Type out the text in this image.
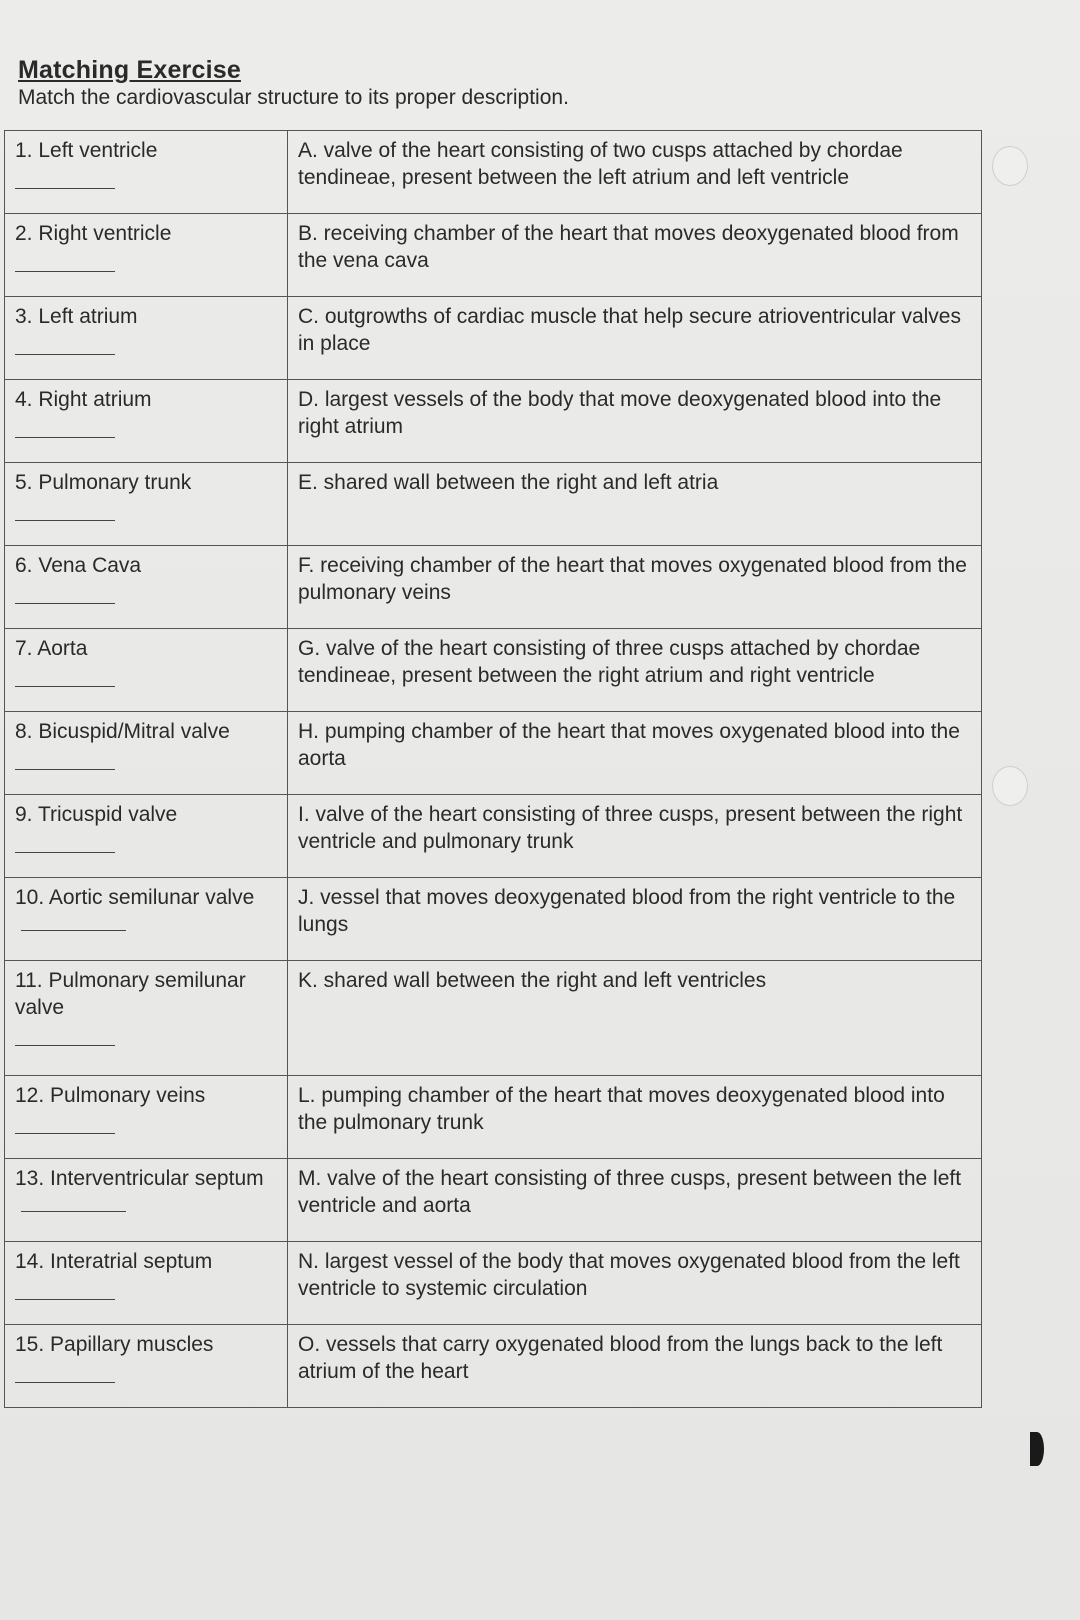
Matching Exercise
Match the cardiovascular structure to its proper description.
1. Left ventricle	A. valve of the heart consisting of two cusps attached by chordae tendineae, present between the left atrium and left ventricle
2. Right ventricle	B. receiving chamber of the heart that moves deoxygenated blood from the vena cava
3. Left atrium	C. outgrowths of cardiac muscle that help secure atrioventricular valves in place
4. Right atrium	D. largest vessels of the body that move deoxygenated blood into the right atrium
5. Pulmonary trunk	E. shared wall between the right and left atria
6. Vena Cava	F. receiving chamber of the heart that moves oxygenated blood from the pulmonary veins
7. Aorta	G. valve of the heart consisting of three cusps attached by chordae tendineae, present between the right atrium and right ventricle
8. Bicuspid/Mitral valve	H. pumping chamber of the heart that moves oxygenated blood into the aorta
9. Tricuspid valve	I. valve of the heart consisting of three cusps, present between the right ventricle and pulmonary trunk
10. Aortic semilunar valve	J. vessel that moves deoxygenated blood from the right ventricle to the lungs
11. Pulmonary semilunar valve	K. shared wall between the right and left ventricles
12. Pulmonary veins	L. pumping chamber of the heart that moves deoxygenated blood into the pulmonary trunk
13. Interventricular septum	M. valve of the heart consisting of three cusps, present between the left ventricle and aorta
14. Interatrial septum	N. largest vessel of the body that moves oxygenated blood from the left ventricle to systemic circulation
15. Papillary muscles	O. vessels that carry oxygenated blood from the lungs back to the left atrium of the heart
